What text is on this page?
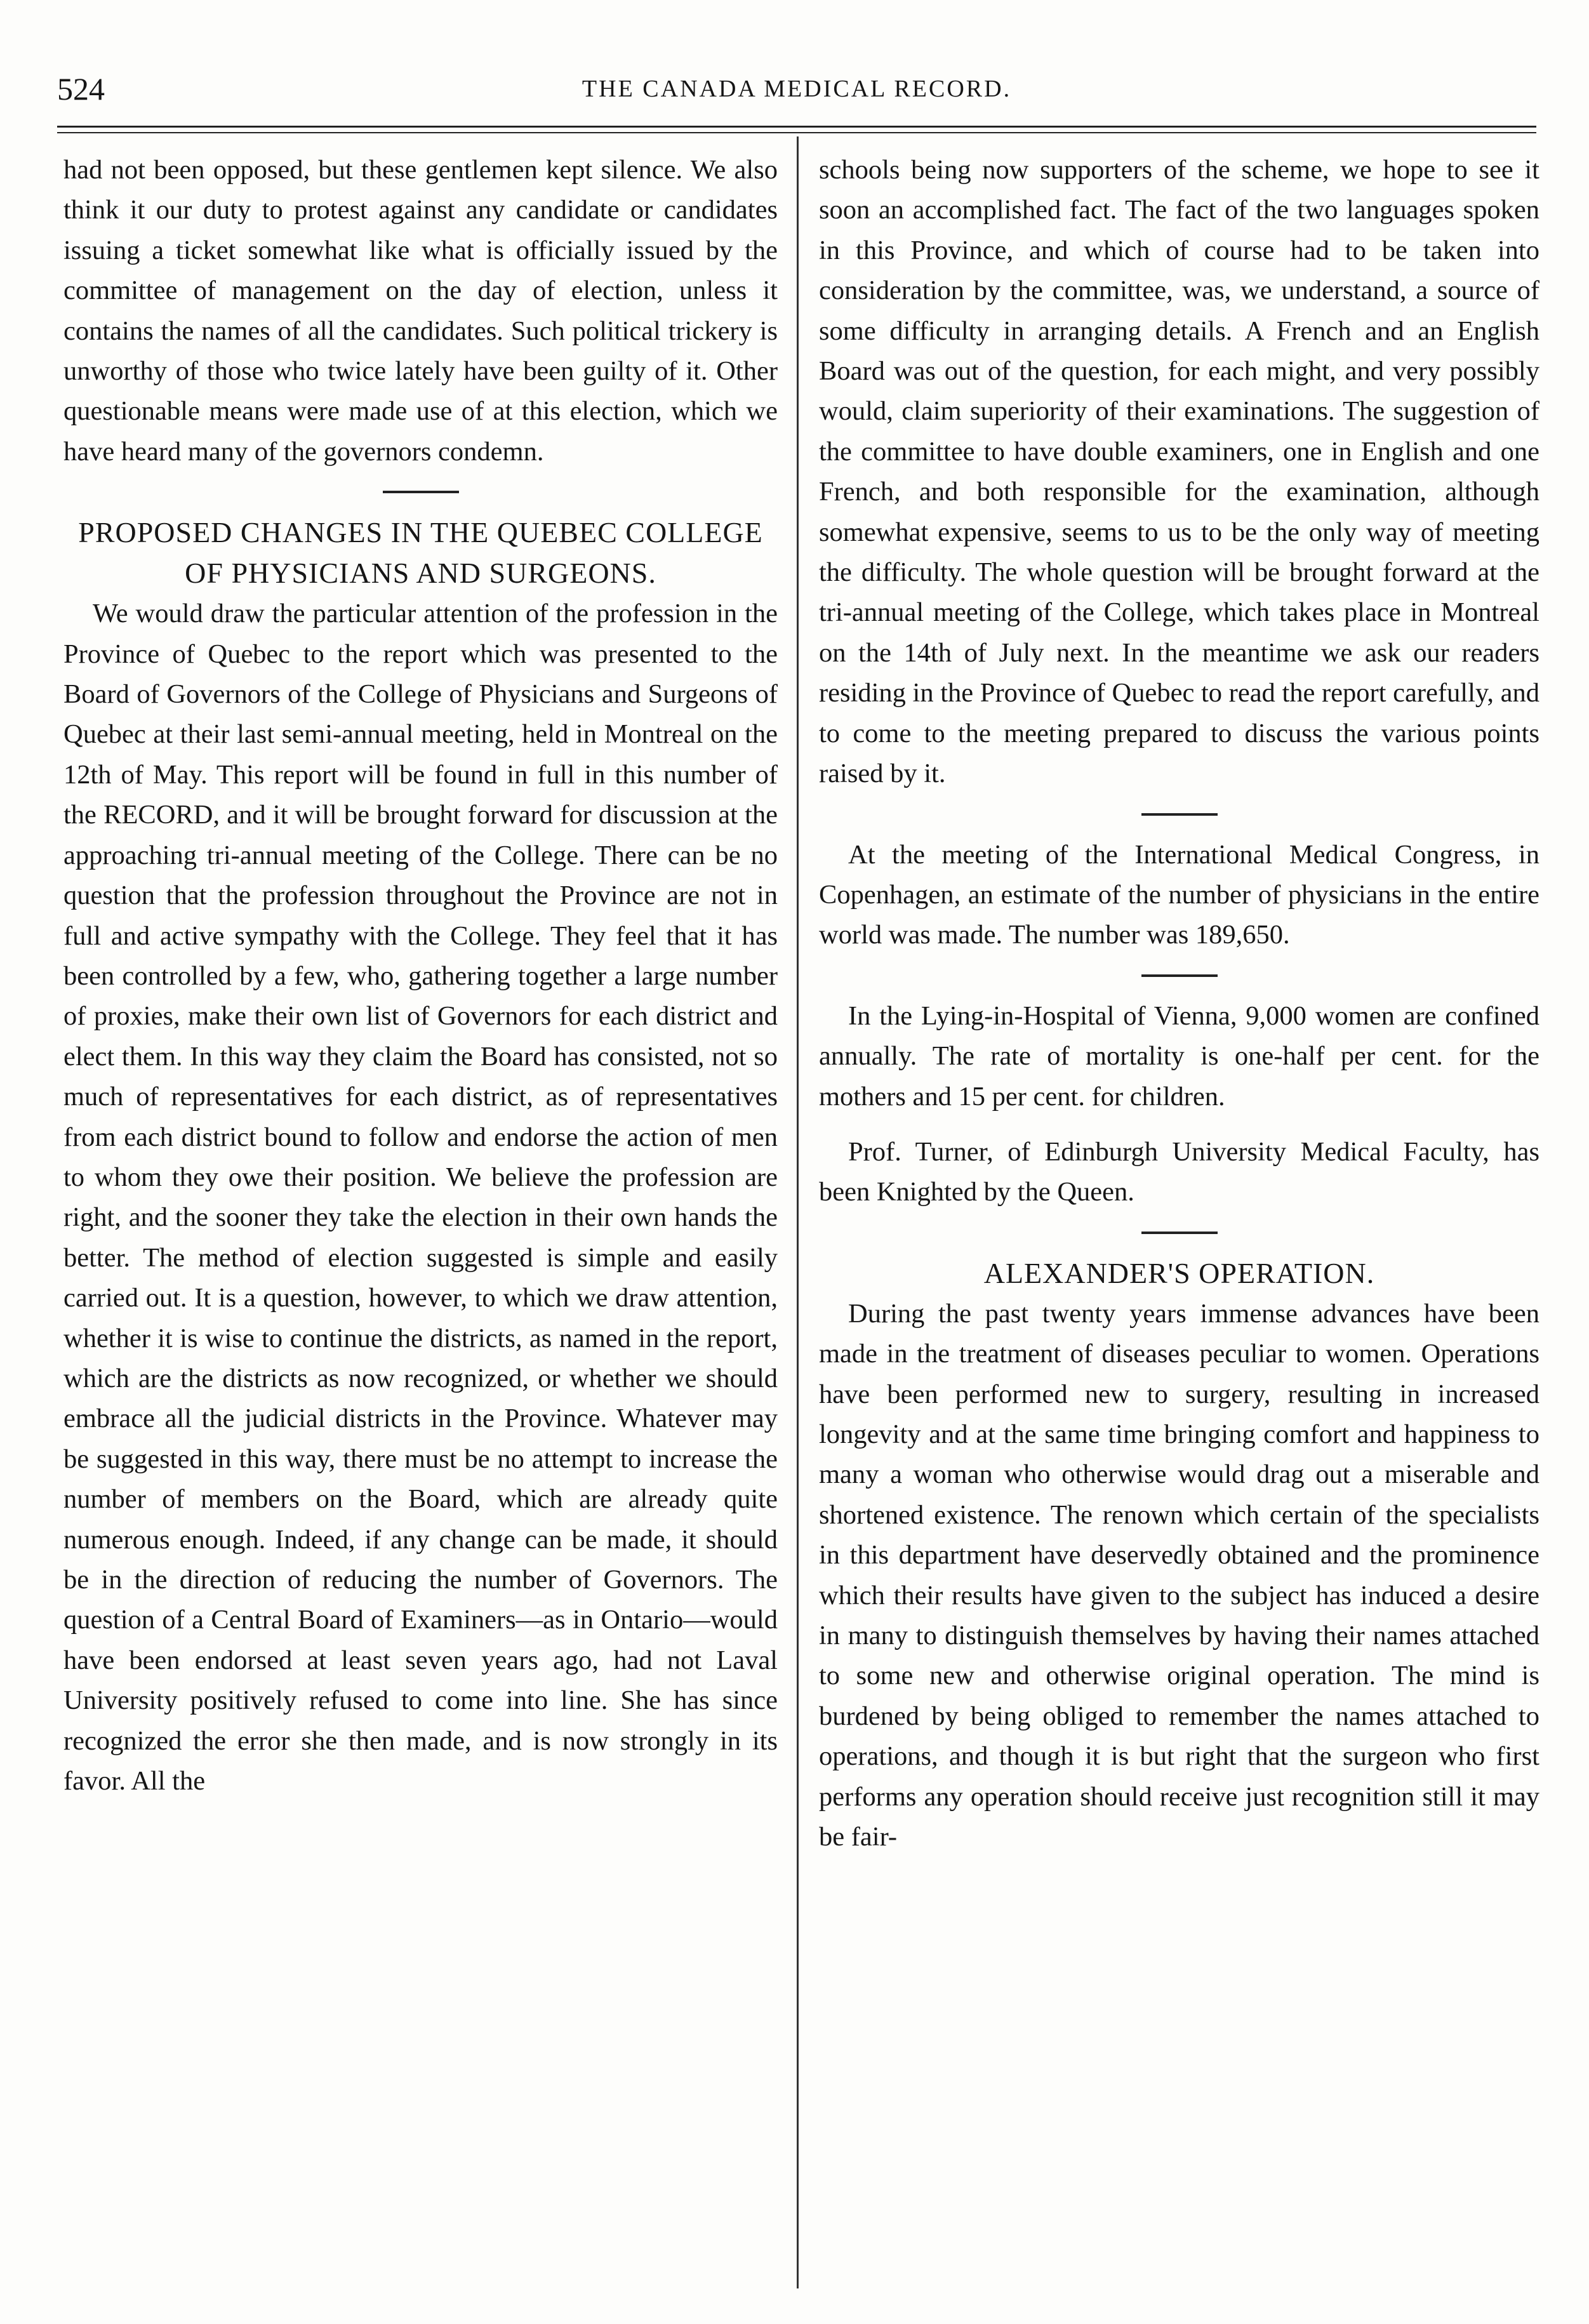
524	THE CANADA MEDICAL RECORD.

had not been opposed, but these gentlemen kept silence. We also think it our duty to protest against any candidate or candidates issuing a ticket somewhat like what is officially issued by the committee of management on the day of election, unless it contains the names of all the candidates. Such political trickery is unworthy of those who twice lately have been guilty of it. Other questionable means were made use of at this election, which we have heard many of the governors condemn.

PROPOSED CHANGES IN THE QUEBEC COLLEGE OF PHYSICIANS AND SURGEONS.

We would draw the particular attention of the profession in the Province of Quebec to the report which was presented to the Board of Governors of the College of Physicians and Surgeons of Quebec at their last semi-annual meeting, held in Montreal on the 12th of May. This report will be found in full in this number of the RECORD, and it will be brought forward for discussion at the approaching tri-annual meeting of the College. There can be no question that the profession throughout the Province are not in full and active sympathy with the College. They feel that it has been controlled by a few, who, gathering together a large number of proxies, make their own list of Governors for each district and elect them. In this way they claim the Board has consisted, not so much of representatives for each district, as of representatives from each district bound to follow and endorse the action of men to whom they owe their position. We believe the profession are right, and the sooner they take the election in their own hands the better. The method of election suggested is simple and easily carried out. It is a question, however, to which we draw attention, whether it is wise to continue the districts, as named in the report, which are the districts as now recognized, or whether we should embrace all the judicial districts in the Province. Whatever may be suggested in this way, there must be no attempt to increase the number of members on the Board, which are already quite numerous enough. Indeed, if any change can be made, it should be in the direction of reducing the number of Governors. The question of a Central Board of Examiners—as in Ontario—would have been endorsed at least seven years ago, had not Laval University positively refused to come into line. She has since recognized the error she then made, and is now strongly in its favor. All the

schools being now supporters of the scheme, we hope to see it soon an accomplished fact. The fact of the two languages spoken in this Province, and which of course had to be taken into consideration by the committee, was, we understand, a source of some difficulty in arranging details. A French and an English Board was out of the question, for each might, and very possibly would, claim superiority of their examinations. The suggestion of the committee to have double examiners, one in English and one French, and both responsible for the examination, although somewhat expensive, seems to us to be the only way of meeting the difficulty. The whole question will be brought forward at the tri-annual meeting of the College, which takes place in Montreal on the 14th of July next. In the meantime we ask our readers residing in the Province of Quebec to read the report carefully, and to come to the meeting prepared to discuss the various points raised by it.

At the meeting of the International Medical Congress, in Copenhagen, an estimate of the number of physicians in the entire world was made. The number was 189,650.

In the Lying-in-Hospital of Vienna, 9,000 women are confined annually. The rate of mortality is one-half per cent. for the mothers and 15 per cent. for children.

Prof. Turner, of Edinburgh University Medical Faculty, has been Knighted by the Queen.

ALEXANDER'S OPERATION.

During the past twenty years immense advances have been made in the treatment of diseases peculiar to women. Operations have been performed new to surgery, resulting in increased longevity and at the same time bringing comfort and happiness to many a woman who otherwise would drag out a miserable and shortened existence. The renown which certain of the specialists in this department have deservedly obtained and the prominence which their results have given to the subject has induced a desire in many to distinguish themselves by having their names attached to some new and otherwise original operation. The mind is burdened by being obliged to remember the names attached to operations, and though it is but right that the surgeon who first performs any operation should receive just recognition still it may be fair-
